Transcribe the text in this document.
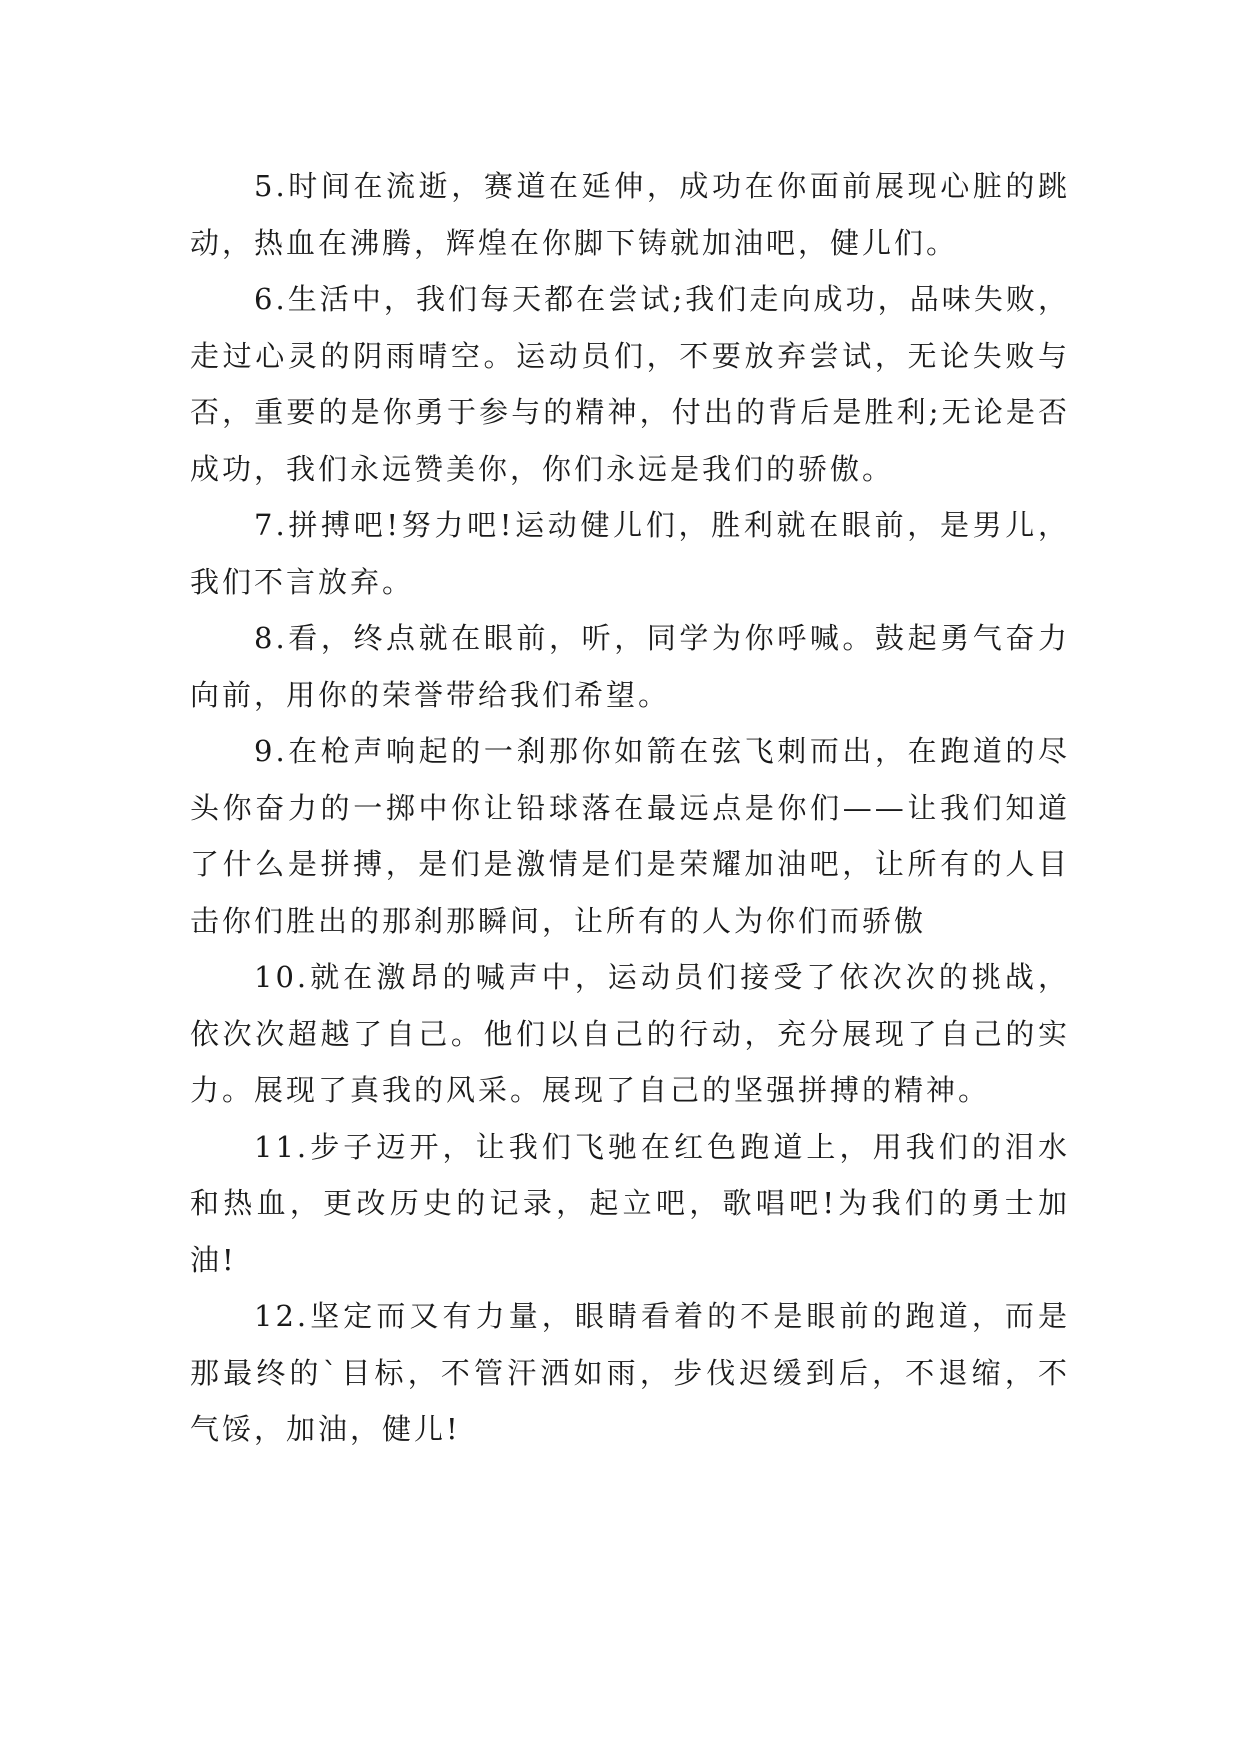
5.时间在流逝，赛道在延伸，成功在你面前展现心脏的跳动，热血在沸腾，辉煌在你脚下铸就加油吧，健儿们。

6.生活中，我们每天都在尝试;我们走向成功，品味失败，走过心灵的阴雨晴空。运动员们，不要放弃尝试，无论失败与否，重要的是你勇于参与的精神，付出的背后是胜利;无论是否成功，我们永远赞美你，你们永远是我们的骄傲。

7.拼搏吧!努力吧!运动健儿们，胜利就在眼前，是男儿，我们不言放弃。

8.看，终点就在眼前，听，同学为你呼喊。鼓起勇气奋力向前，用你的荣誉带给我们希望。

9.在枪声响起的一刹那你如箭在弦飞刺而出，在跑道的尽头你奋力的一掷中你让铅球落在最远点是你们——让我们知道了什么是拼搏，是们是激情是们是荣耀加油吧，让所有的人目击你们胜出的那刹那瞬间，让所有的人为你们而骄傲

10.就在激昂的喊声中，运动员们接受了依次次的挑战，依次次超越了自己。他们以自己的行动，充分展现了自己的实力。展现了真我的风采。展现了自己的坚强拼搏的精神。

11.步子迈开，让我们飞驰在红色跑道上，用我们的泪水和热血，更改历史的记录，起立吧，歌唱吧!为我们的勇士加油!

12.坚定而又有力量，眼睛看着的不是眼前的跑道，而是那最终的`目标，不管汗洒如雨，步伐迟缓到后，不退缩，不气馁，加油，健儿!
